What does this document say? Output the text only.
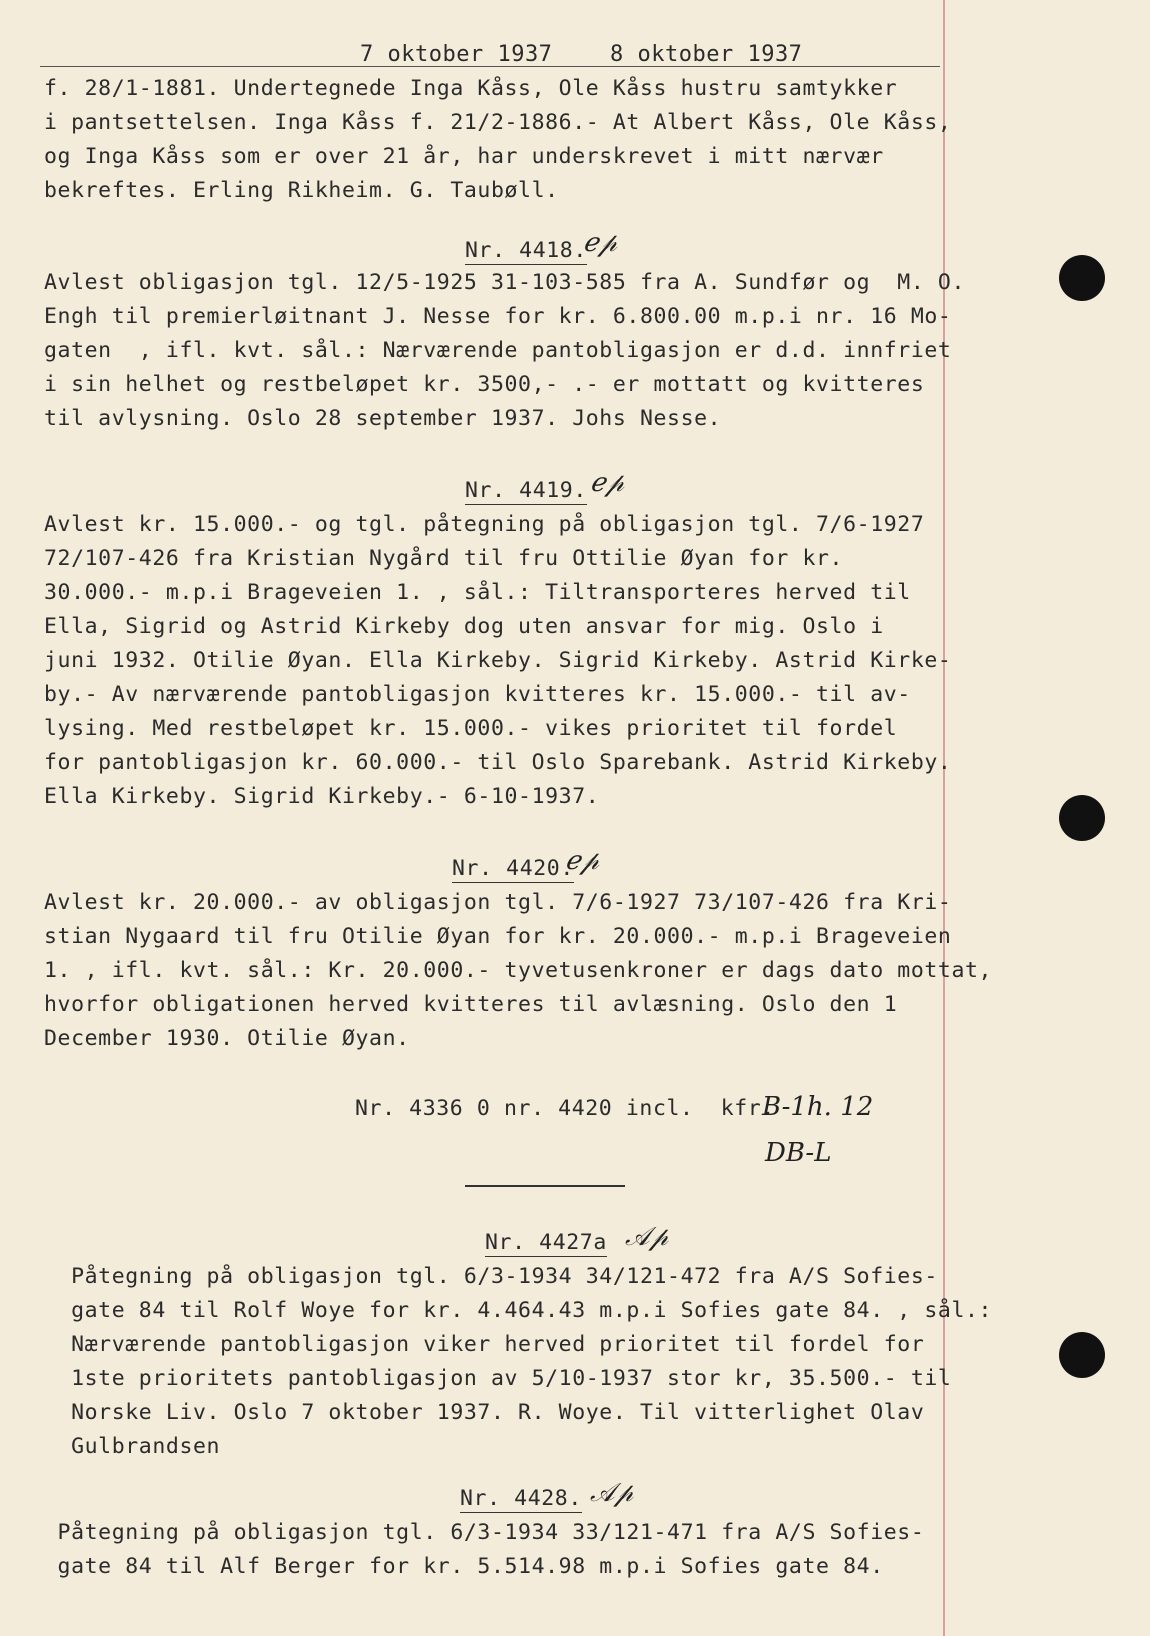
7 oktober 1937	8 oktober 1937
f. 28/1-1881. Undertegnede Inga Kåss, Ole Kåss hustru samtykker
i pantsettelsen. Inga Kåss f. 21/2-1886.- At Albert Kåss, Ole Kåss,
og Inga Kåss som er over 21 år, har underskrevet i mitt nærvær
bekreftes. Erling Rikheim. G. Taubøll.
Nr. 4418.
ℯ𝓅
Avlest obligasjon tgl. 12/5-1925 31-103-585 fra A. Sundfør og  M. O.
Engh til premierløitnant J. Nesse for kr. 6.800.00 m.p.i nr. 16 Mo-
gaten  , ifl. kvt. sål.: Nærværende pantobligasjon er d.d. innfriet
i sin helhet og restbeløpet kr. 3500,- .- er mottatt og kvitteres
til avlysning. Oslo 28 september 1937. Johs Nesse.
Nr. 4419. ℯ𝓅
Avlest kr. 15.000.- og tgl. påtegning på obligasjon tgl. 7/6-1927
72/107-426 fra Kristian Nygård til fru Ottilie Øyan for kr.
30.000.- m.p.i Brageveien 1. , sål.: Tiltransporteres herved til
Ella, Sigrid og Astrid Kirkeby dog uten ansvar for mig. Oslo i
juni 1932. Otilie Øyan. Ella Kirkeby. Sigrid Kirkeby. Astrid Kirke-
by.- Av nærværende pantobligasjon kvitteres kr. 15.000.- til av-
lysing. Med restbeløpet kr. 15.000.- vikes prioritet til fordel
for pantobligasjon kr. 60.000.- til Oslo Sparebank. Astrid Kirkeby.
Ella Kirkeby. Sigrid Kirkeby.- 6-10-1937.
Nr. 4420.
ℯ𝓅
Avlest kr. 20.000.- av obligasjon tgl. 7/6-1927 73/107-426 fra Kri-
stian Nygaard til fru Otilie Øyan for kr. 20.000.- m.p.i Brageveien
1. , ifl. kvt. sål.: Kr. 20.000.- tyvetusenkroner er dags dato mottat,
hvorfor obligationen herved kvitteres til avlæsning. Oslo den 1
December 1930. Otilie Øyan.
Nr. 4336 0 nr. 4420 incl.  kfr.
B-1h. 12
DB-L
Nr. 4427a 𝒜𝓅
Påtegning på obligasjon tgl. 6/3-1934 34/121-472 fra A/S Sofies-
gate 84 til Rolf Woye for kr. 4.464.43 m.p.i Sofies gate 84. , sål.:
Nærværende pantobligasjon viker herved prioritet til fordel for
1ste prioritets pantobligasjon av 5/10-1937 stor kr, 35.500.- til
Norske Liv. Oslo 7 oktober 1937. R. Woye. Til vitterlighet Olav
Gulbrandsen
Nr. 4428. 𝒜𝓅
Påtegning på obligasjon tgl. 6/3-1934 33/121-471 fra A/S Sofies-
gate 84 til Alf Berger for kr. 5.514.98 m.p.i Sofies gate 84.
